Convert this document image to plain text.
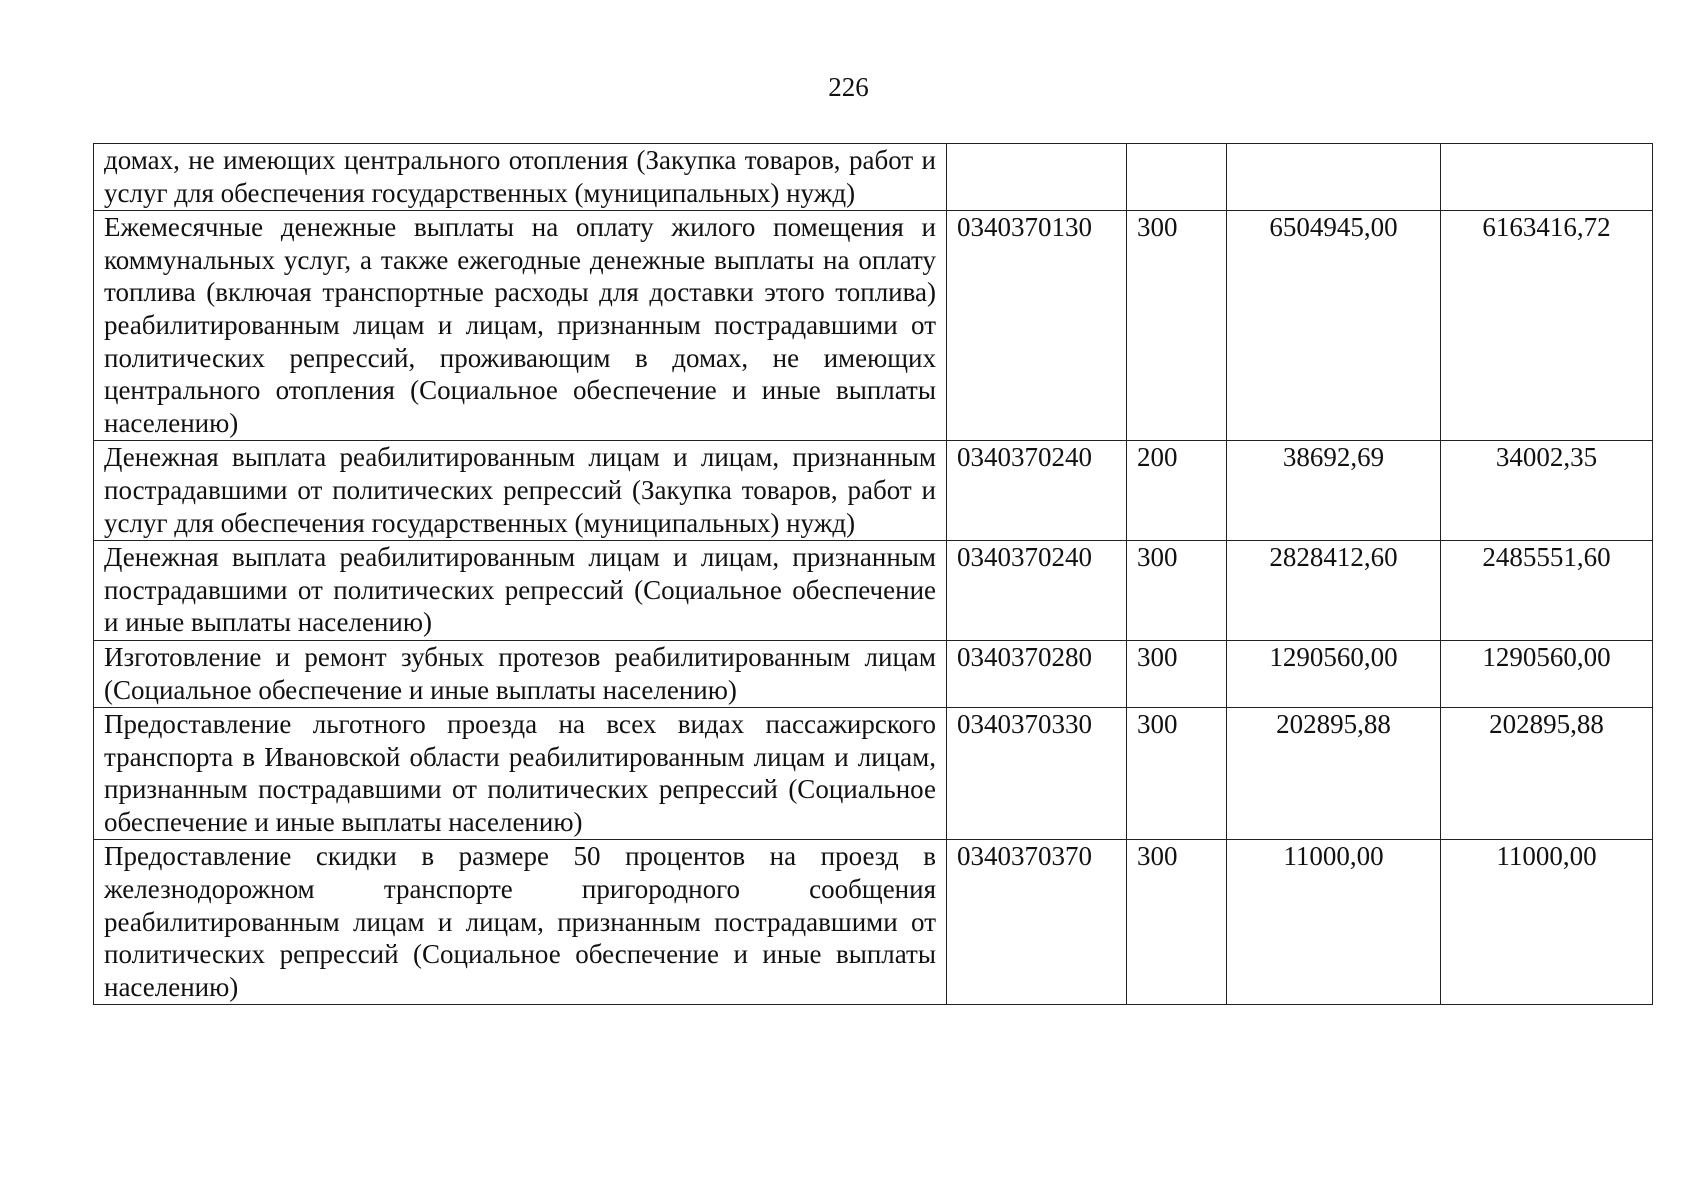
226
домах, не имеющих центрального отопления (Закупка товаров, работ и услуг для обеспечения государственных (муниципальных) нужд)				
Ежемесячные денежные выплаты на оплату жилого помещения и коммунальных услуг, а также ежегодные денежные выплаты на оплату топлива (включая транспортные расходы для доставки этого топлива) реабилитированным лицам и лицам, признанным пострадавшими от политических репрессий, проживающим в домах, не имеющих центрального отопления (Социальное обеспечение и иные выплаты населению)	0340370130	300	6504945,00	6163416,72
Денежная выплата реабилитированным лицам и лицам, признанным пострадавшими от политических репрессий (Закупка товаров, работ и услуг для обеспечения государственных (муниципальных) нужд)	0340370240	200	38692,69	34002,35
Денежная выплата реабилитированным лицам и лицам, признанным пострадавшими от политических репрессий (Социальное обеспечение и иные выплаты населению)	0340370240	300	2828412,60	2485551,60
Изготовление и ремонт зубных протезов реабилитированным лицам (Социальное обеспечение и иные выплаты населению)	0340370280	300	1290560,00	1290560,00
Предоставление льготного проезда на всех видах пассажирского транспорта в Ивановской области реабилитированным лицам и лицам, признанным пострадавшими от политических репрессий (Социальное обеспечение и иные выплаты населению)	0340370330	300	202895,88	202895,88
Предоставление скидки в размере 50 процентов на проезд в железнодорожном транспорте пригородного сообщения реабилитированным лицам и лицам, признанным пострадавшими от политических репрессий (Социальное обеспечение и иные выплаты населению)	0340370370	300	11000,00	11000,00
